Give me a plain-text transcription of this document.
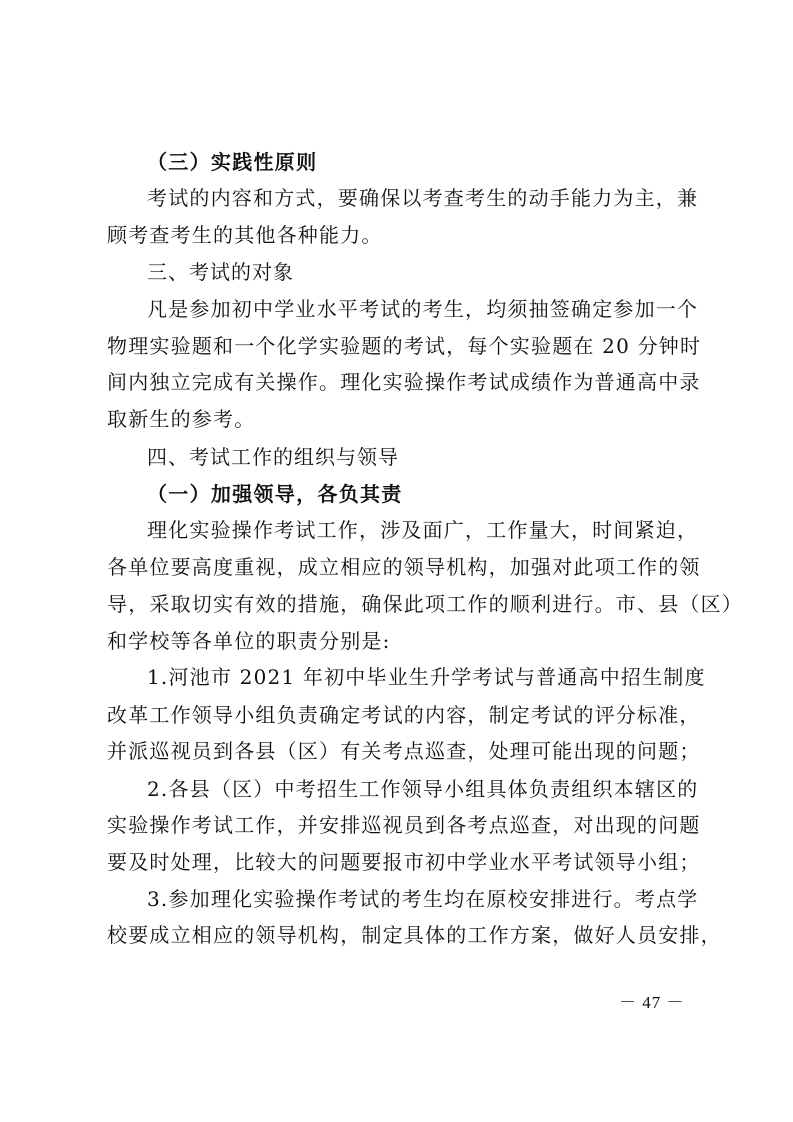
（三）实践性原则
考试的内容和方式，要确保以考查考生的动手能力为主，兼
顾考查考生的其他各种能力。
三、考试的对象
凡是参加初中学业水平考试的考生，均须抽签确定参加一个
物理实验题和一个化学实验题的考试，每个实验题在 20 分钟时
间内独立完成有关操作。理化实验操作考试成绩作为普通高中录
取新生的参考。
四、考试工作的组织与领导
（一）加强领导，各负其责
理化实验操作考试工作，涉及面广，工作量大，时间紧迫，
各单位要高度重视，成立相应的领导机构，加强对此项工作的领
导，采取切实有效的措施，确保此项工作的顺利进行。市、县（区）
和学校等各单位的职责分别是:
1.河池市 2021 年初中毕业生升学考试与普通高中招生制度
改革工作领导小组负责确定考试的内容，制定考试的评分标准，
并派巡视员到各县（区）有关考点巡查，处理可能出现的问题；
2.各县（区）中考招生工作领导小组具体负责组织本辖区的
实验操作考试工作，并安排巡视员到各考点巡查，对出现的问题
要及时处理，比较大的问题要报市初中学业水平考试领导小组；
3.参加理化实验操作考试的考生均在原校安排进行。考点学
校要成立相应的领导机构，制定具体的工作方案，做好人员安排，
－ 47 －
